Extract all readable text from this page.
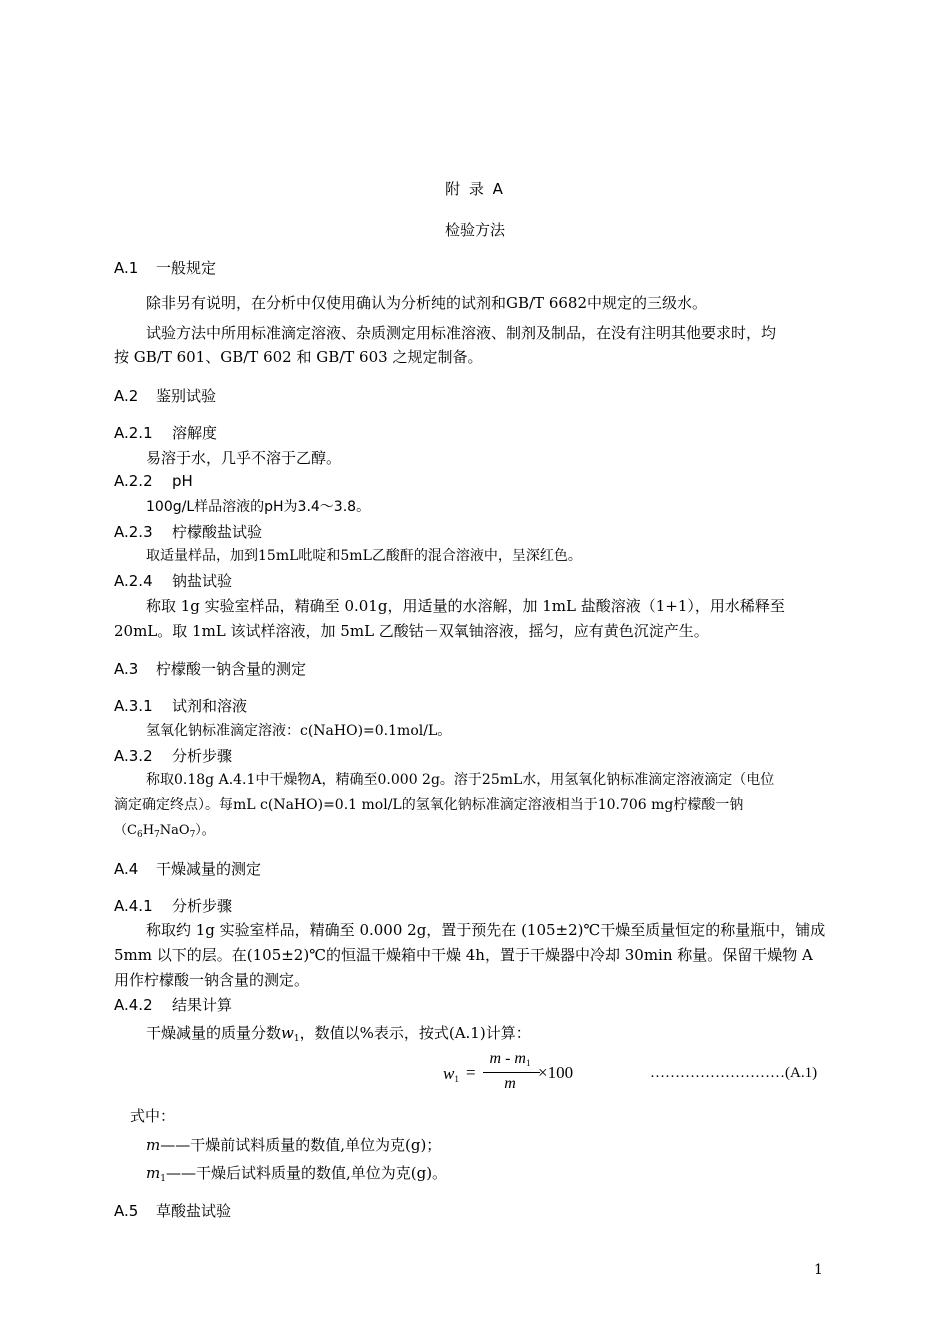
附 录 A
检验方法
A.1 一般规定
除非另有说明，在分析中仅使用确认为分析纯的试剂和GB/T 6682中规定的三级水。
试验方法中所用标准滴定溶液、杂质测定用标准溶液、制剂及制品，在没有注明其他要求时，均
按 GB/T 601、GB/T 602 和 GB/T 603 之规定制备。
A.2 鉴别试验
A.2.1 溶解度
易溶于水，几乎不溶于乙醇。
A.2.2 pH
100g/L样品溶液的pH为3.4～3.8。
A.2.3 柠檬酸盐试验
取适量样品，加到15mL吡啶和5mL乙酸酐的混合溶液中，呈深红色。
A.2.4 钠盐试验
称取 1g 实验室样品，精确至 0.01g，用适量的水溶解，加 1mL 盐酸溶液（1+1），用水稀释至
20mL。取 1mL 该试样溶液，加 5mL 乙酸钴－双氧铀溶液，摇匀，应有黄色沉淀产生。
A.3 柠檬酸一钠含量的测定
A.3.1 试剂和溶液
氢氧化钠标准滴定溶液：c(NaHO)=0.1mol/L。
A.3.2 分析步骤
称取0.18g A.4.1中干燥物A，精确至0.000 2g。溶于25mL水，用氢氧化钠标准滴定溶液滴定（电位
滴定确定终点）。每mL c(NaHO)=0.1 mol/L的氢氧化钠标准滴定溶液相当于10.706 mg柠檬酸一钠
$(C_6H_7NaO_7)$。
A.4 干燥减量的测定
A.4.1 分析步骤
称取约 1g 实验室样品，精确至 0.000 2g，置于预先在 (105±2)℃干燥至质量恒定的称量瓶中，铺成
5mm 以下的层。在(105±2)℃的恒温干燥箱中干燥 4h，置于干燥器中冷却 30min 称量。保留干燥物 A
用作柠檬酸一钠含量的测定。
A.4.2 结果计算
干燥减量的质量分数$w_1$，数值以%表示，按式(A.1)计算：
$w_1$ =
m - $m_1$
m
×100	………………………(A.1)
式中：
m——干燥前试料质量的数值,单位为克(g)；
$m_1——$干燥后试料质量的数值,单位为克(g)。
A.5 草酸盐试验
1
